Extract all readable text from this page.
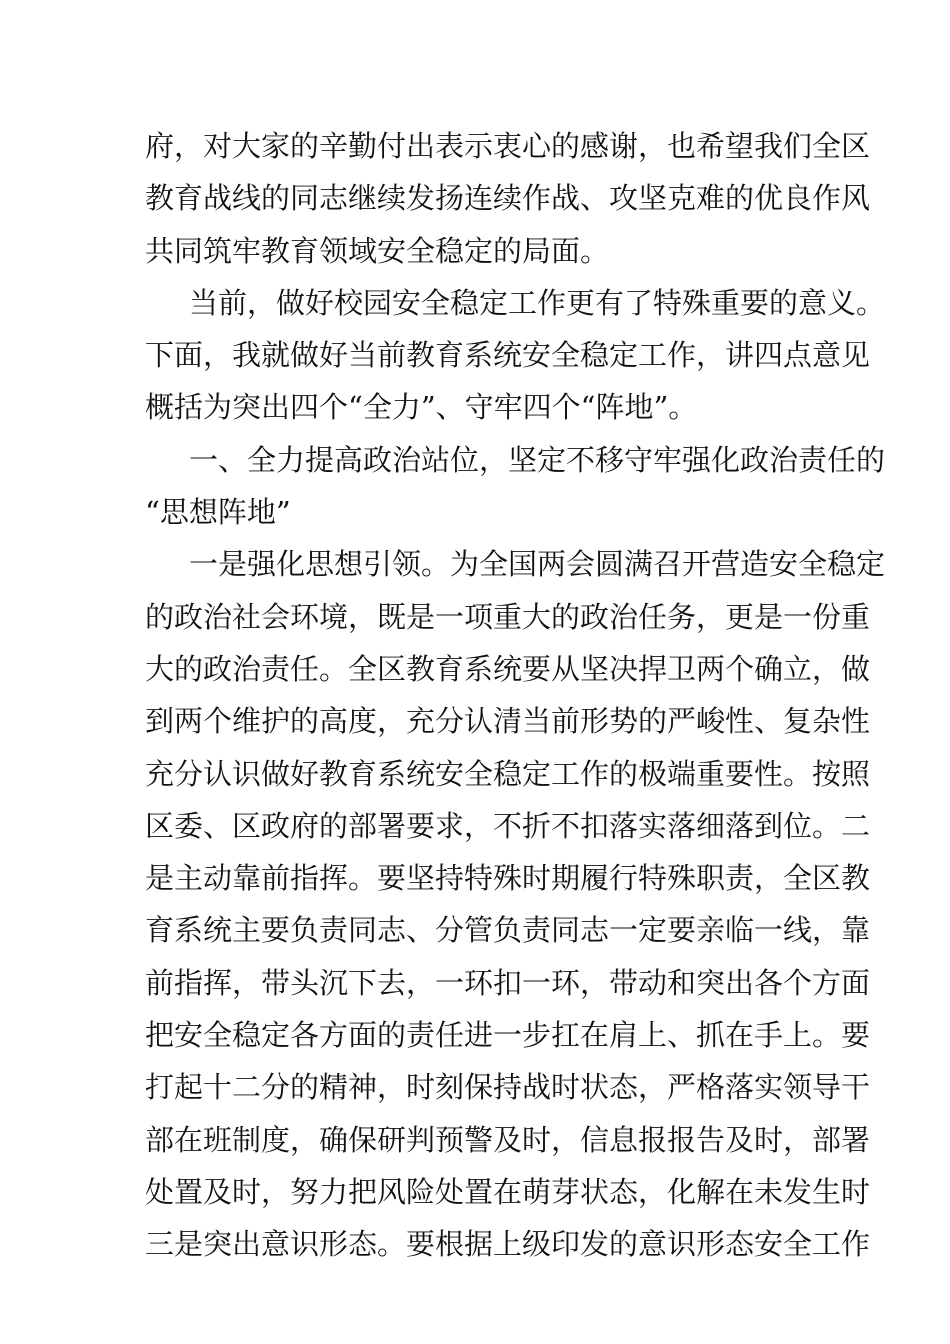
府，对大家的辛勤付出表示衷心的感谢，也希望我们全区
教育战线的同志继续发扬连续作战、攻坚克难的优良作风
共同筑牢教育领域安全稳定的局面。
当前，做好校园安全稳定工作更有了特殊重要的意义。
下面，我就做好当前教育系统安全稳定工作，讲四点意见
概括为突出四个“全力”、守牢四个“阵地”。
一、全力提高政治站位，坚定不移守牢强化政治责任的
“思想阵地”
一是强化思想引领。为全国两会圆满召开营造安全稳定
的政治社会环境，既是一项重大的政治任务，更是一份重
大的政治责任。全区教育系统要从坚决捍卫两个确立，做
到两个维护的高度，充分认清当前形势的严峻性、复杂性
充分认识做好教育系统安全稳定工作的极端重要性。按照
区委、区政府的部署要求，不折不扣落实落细落到位。二
是主动靠前指挥。要坚持特殊时期履行特殊职责，全区教
育系统主要负责同志、分管负责同志一定要亲临一线，靠
前指挥，带头沉下去，一环扣一环，带动和突出各个方面
把安全稳定各方面的责任进一步扛在肩上、抓在手上。要
打起十二分的精神，时刻保持战时状态，严格落实领导干
部在班制度，确保研判预警及时，信息报报告及时，部署
处置及时，努力把风险处置在萌芽状态，化解在未发生时
三是突出意识形态。要根据上级印发的意识形态安全工作
